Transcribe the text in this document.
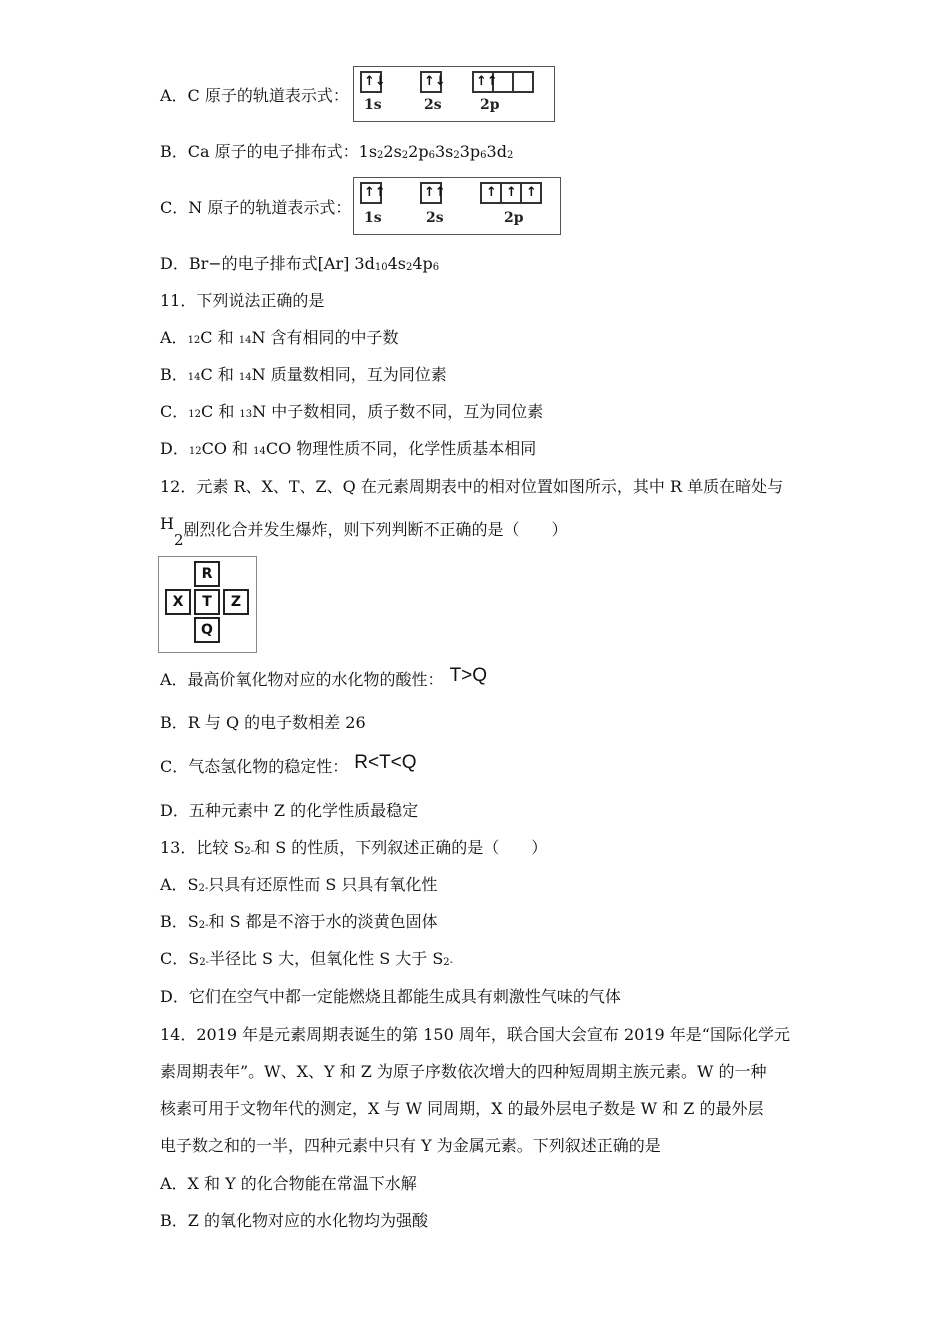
A．C 原子的轨道表示式：
↑↓	↑↓ ↑↑
1s	2s	2p
B．Ca 原子的电子排布式：1s22s22p63s23p63d2
C．N 原子的轨道表示式：
↑↑	↑↑	↑ ↑ ↑
1s	2s	2p
D．Br−的电子排布式[Ar] 3d104s24p6
11．下列说法正确的是
A．12C 和 14N 含有相同的中子数
B．14C 和 14N 质量数相同，互为同位素
C．12C 和 13N 中子数相同，质子数不同，互为同位素
D．12CO 和 14CO 物理性质不同，化学性质基本相同
12．元素 R、X、T、Z、Q 在元素周期表中的相对位置如图所示，其中 R 单质在暗处与
H2剧烈化合并发生爆炸，则下列判断不正确的是（　　）
R
X	T	Z
Q
A．最高价氧化物对应的水化物的酸性： T>Q
B．R 与 Q 的电子数相差 26
C．气态氢化物的稳定性： R<T<Q
D．五种元素中 Z 的化学性质最稳定
13．比较 S2-和 S 的性质，下列叙述正确的是（　　）
A．S2-只具有还原性而 S 只具有氧化性
B．S2-和 S 都是不溶于水的淡黄色固体
C．S2-半径比 S 大，但氧化性 S 大于 S2-
D．它们在空气中都一定能燃烧且都能生成具有刺激性气味的气体
14．2019 年是元素周期表诞生的第 150 周年，联合国大会宣布 2019 年是“国际化学元
素周期表年”。W、X、Y 和 Z 为原子序数依次增大的四种短周期主族元素。W 的一种
核素可用于文物年代的测定，X 与 W 同周期，X 的最外层电子数是 W 和 Z 的最外层
电子数之和的一半，四种元素中只有 Y 为金属元素。下列叙述正确的是
A．X 和 Y 的化合物能在常温下水解
B．Z 的氧化物对应的水化物均为强酸
